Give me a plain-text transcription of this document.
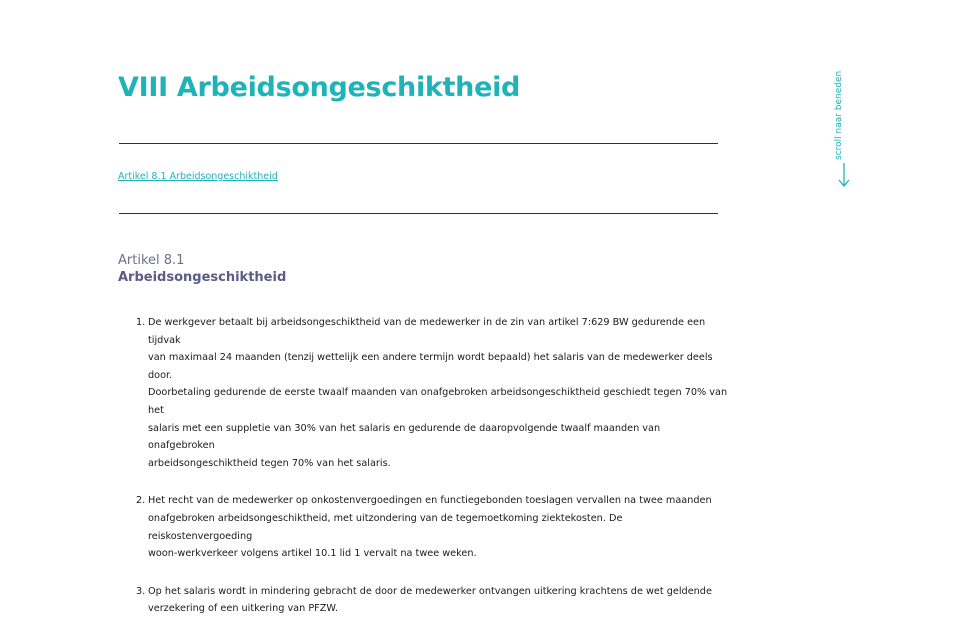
VIII Arbeidsongeschiktheid
Artikel 8.1 Arbeidsongeschiktheid
Artikel 8.1
Arbeidsongeschiktheid
1. De werkgever betaalt bij arbeidsongeschiktheid van de medewerker in de zin van artikel 7:629 BW gedurende een tijdvak
van maximaal 24 maanden (tenzij wettelijk een andere termijn wordt bepaald) het salaris van de medewerker deels door.
Doorbetaling gedurende de eerste twaalf maanden van onafgebroken arbeidsongeschiktheid geschiedt tegen 70% van het
salaris met een suppletie van 30% van het salaris en gedurende de daaropvolgende twaalf maanden van onafgebroken
arbeidsongeschiktheid tegen 70% van het salaris.
2. Het recht van de medewerker op onkostenvergoedingen en functiegebonden toeslagen vervallen na twee maanden
onafgebroken arbeidsongeschiktheid, met uitzondering van de tegemoetkoming ziektekosten. De reiskostenvergoeding
woon-werkverkeer volgens artikel 10.1 lid 1 vervalt na twee weken.
3. Op het salaris wordt in mindering gebracht de door de medewerker ontvangen uitkering krachtens de wet geldende
verzekering of een uitkering van PFZW.
scroll naar beneden
